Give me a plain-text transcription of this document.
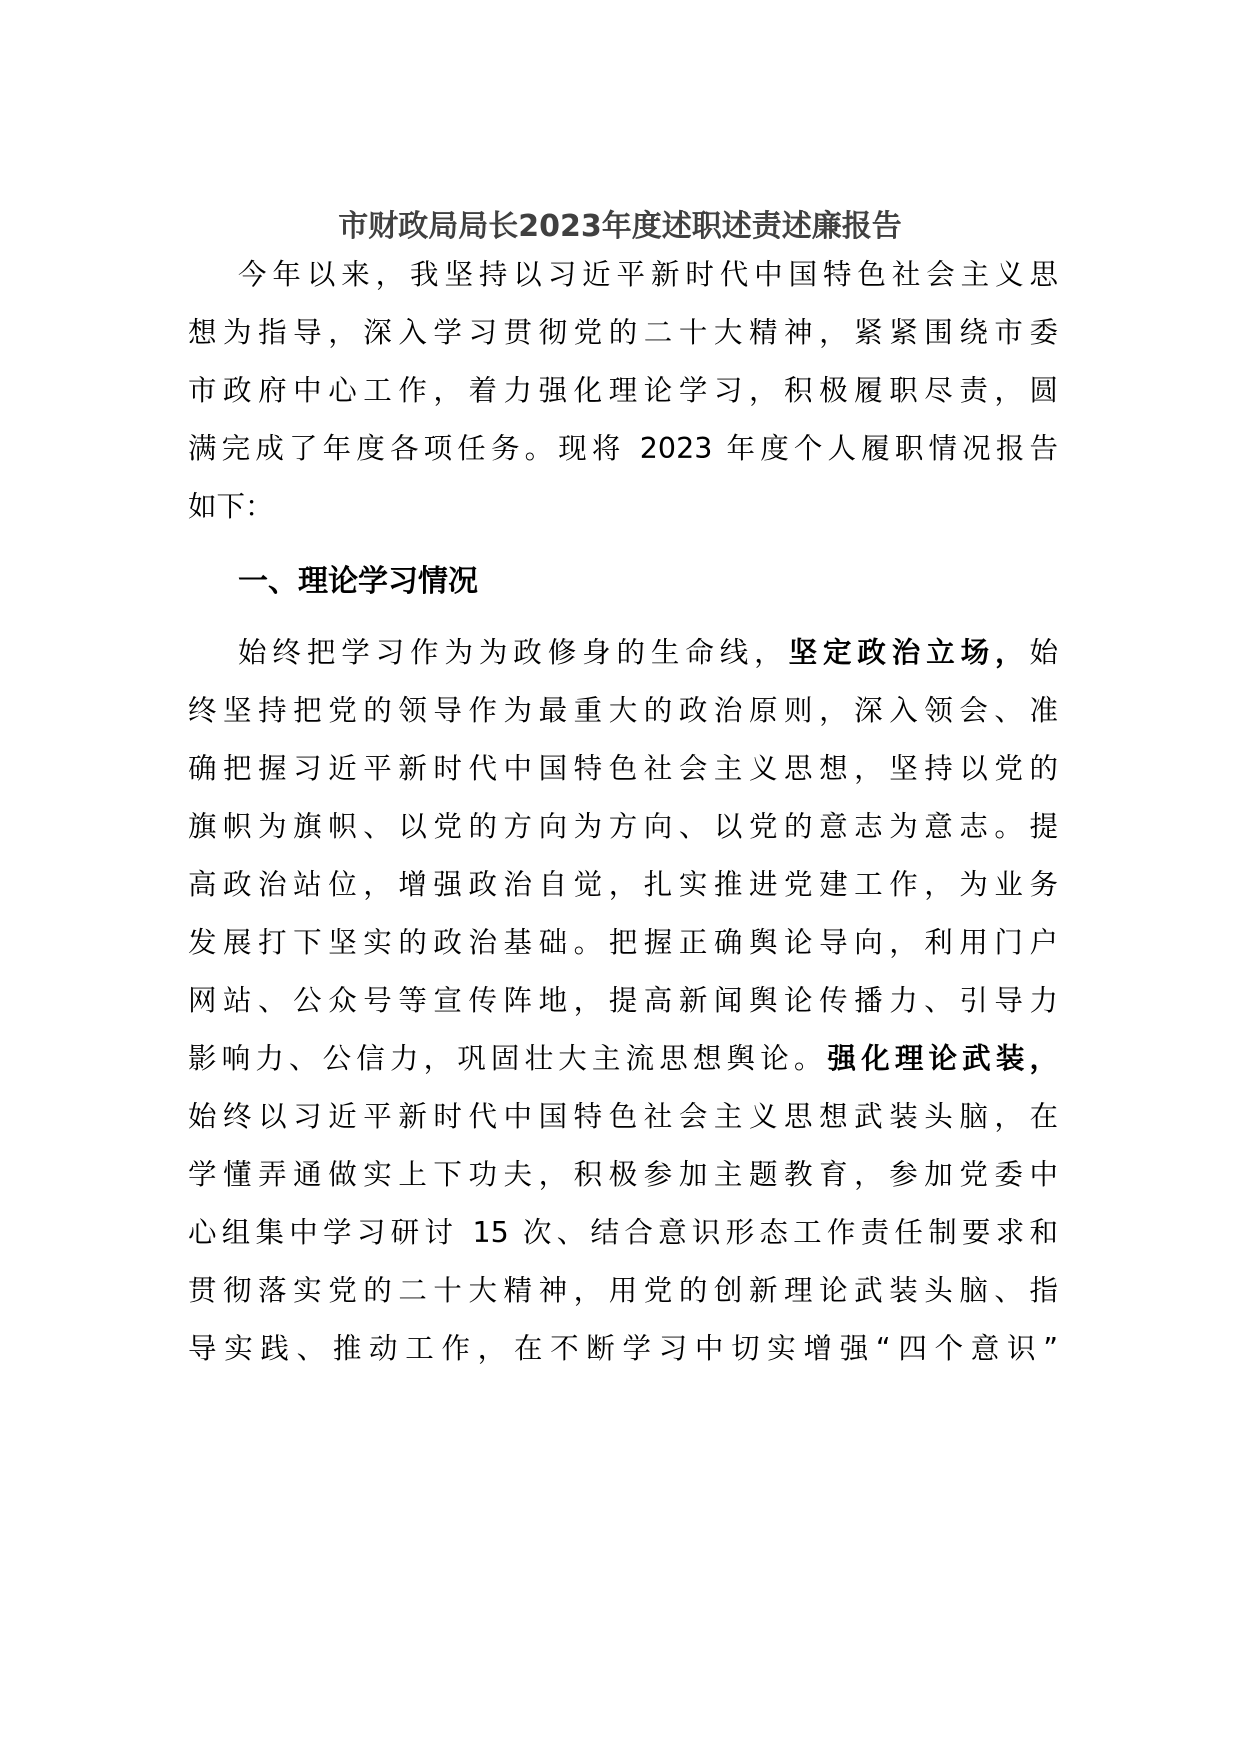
市财政局局长2023年度述职述责述廉报告
今年以来，我坚持以习近平新时代中国特色社会主义思
想为指导，深入学习贯彻党的二十大精神，紧紧围绕市委
市政府中心工作，着力强化理论学习，积极履职尽责，圆
满完成了年度各项任务。现将 2023 年度个人履职情况报告
如下：
一、理论学习情况
始终把学习作为为政修身的生命线，坚定政治立场，始
终坚持把党的领导作为最重大的政治原则，深入领会、准
确把握习近平新时代中国特色社会主义思想，坚持以党的
旗帜为旗帜、以党的方向为方向、以党的意志为意志。提
高政治站位，增强政治自觉，扎实推进党建工作，为业务
发展打下坚实的政治基础。把握正确舆论导向，利用门户
网站、公众号等宣传阵地，提高新闻舆论传播力、引导力
影响力、公信力，巩固壮大主流思想舆论。强化理论武装，
始终以习近平新时代中国特色社会主义思想武装头脑，在
学懂弄通做实上下功夫，积极参加主题教育，参加党委中
心组集中学习研讨 15 次、结合意识形态工作责任制要求和
贯彻落实党的二十大精神，用党的创新理论武装头脑、指
导实践、推动工作，在不断学习中切实增强“四个意识”
